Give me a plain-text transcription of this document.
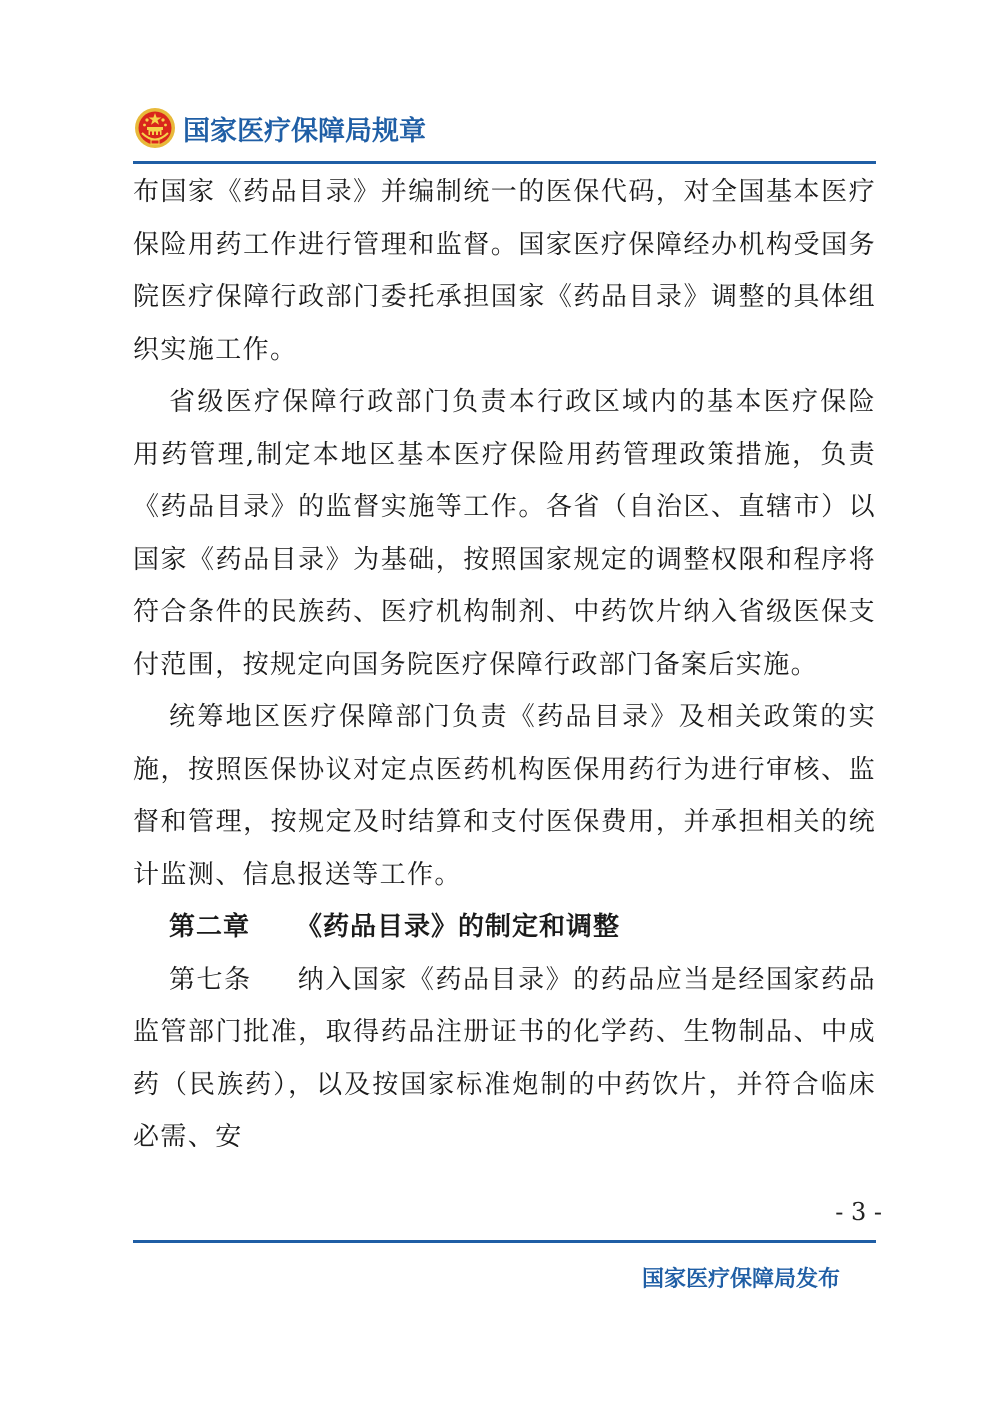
国家医疗保障局规章

布国家《药品目录》并编制统一的医保代码，对全国基本医疗保险用药工作进行管理和监督。国家医疗保障经办机构受国务院医疗保障行政部门委托承担国家《药品目录》调整的具体组织实施工作。

省级医疗保障行政部门负责本行政区域内的基本医疗保险用药管理,制定本地区基本医疗保险用药管理政策措施，负责《药品目录》的监督实施等工作。各省（自治区、直辖市）以国家《药品目录》为基础，按照国家规定的调整权限和程序将符合条件的民族药、医疗机构制剂、中药饮片纳入省级医保支付范围，按规定向国务院医疗保障行政部门备案后实施。

统筹地区医疗保障部门负责《药品目录》及相关政策的实施，按照医保协议对定点医药机构医保用药行为进行审核、监督和管理，按规定及时结算和支付医保费用，并承担相关的统计监测、信息报送等工作。

第二章 《药品目录》的制定和调整

第七条 纳入国家《药品目录》的药品应当是经国家药品监管部门批准，取得药品注册证书的化学药、生物制品、中成药（民族药），以及按国家标准炮制的中药饮片，并符合临床必需、安

- 3 -
国家医疗保障局发布
